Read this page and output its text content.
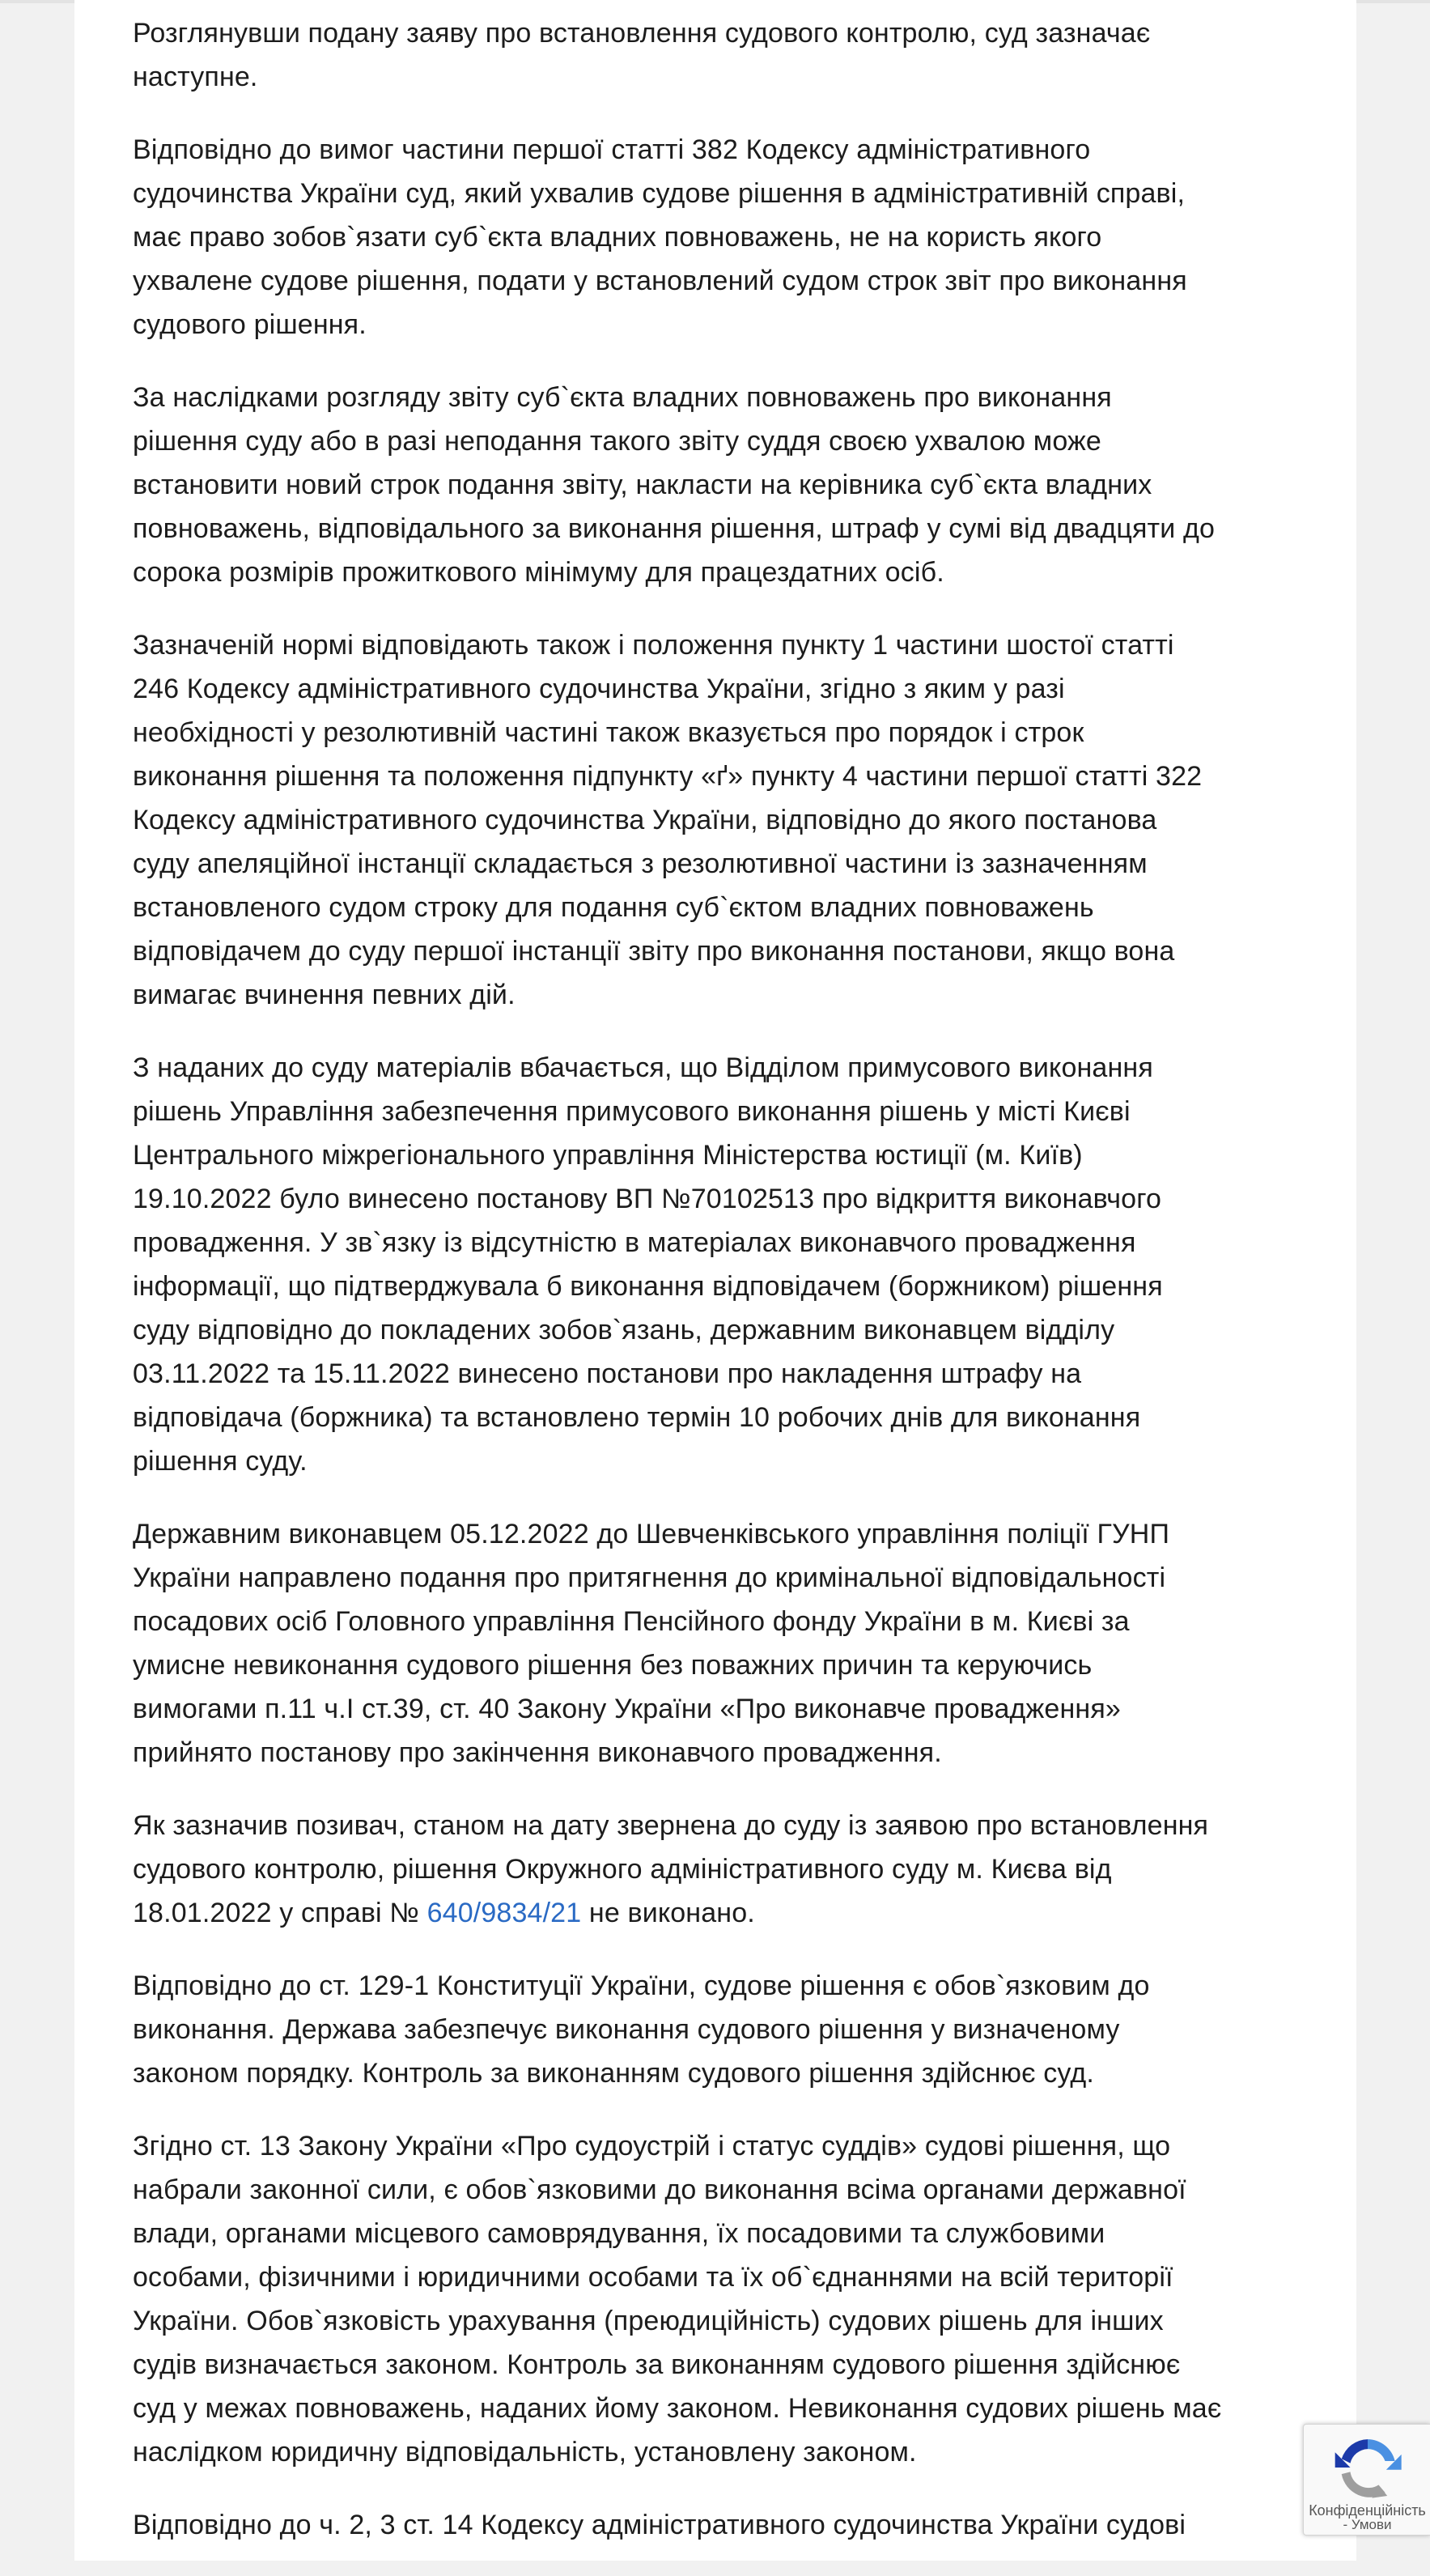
Розглянувши подану заяву про встановлення судового контролю, суд зазначає
наступне.

Відповідно до вимог частини першої статті 382 Кодексу адміністративного
судочинства України суд, який ухвалив судове рішення в адміністративній справі,
має право зобов`язати суб`єкта владних повноважень, не на користь якого
ухвалене судове рішення, подати у встановлений судом строк звіт про виконання
судового рішення.

За наслідками розгляду звіту суб`єкта владних повноважень про виконання
рішення суду або в разі неподання такого звіту суддя своєю ухвалою може
встановити новий строк подання звіту, накласти на керівника суб`єкта владних
повноважень, відповідального за виконання рішення, штраф у сумі від двадцяти до
сорока розмірів прожиткового мінімуму для працездатних осіб.

Зазначеній нормі відповідають також і положення пункту 1 частини шостої статті
246 Кодексу адміністративного судочинства України, згідно з яким у разі
необхідності у резолютивній частині також вказується про порядок і строк
виконання рішення та положення підпункту «ґ» пункту 4 частини першої статті 322
Кодексу адміністративного судочинства України, відповідно до якого постанова
суду апеляційної інстанції складається з резолютивної частини із зазначенням
встановленого судом строку для подання суб`єктом владних повноважень
відповідачем до суду першої інстанції звіту про виконання постанови, якщо вона
вимагає вчинення певних дій.

З наданих до суду матеріалів вбачається, що Відділом примусового виконання
рішень Управління забезпечення примусового виконання рішень у місті Києві
Центрального міжрегіонального управління Міністерства юстиції (м. Київ)
19.10.2022 було винесено постанову ВП №70102513 про відкриття виконавчого
провадження. У зв`язку із відсутністю в матеріалах виконавчого провадження
інформації, що підтверджувала б виконання відповідачем (боржником) рішення
суду відповідно до покладених зобов`язань, державним виконавцем відділу
03.11.2022 та 15.11.2022 винесено постанови про накладення штрафу на
відповідача (боржника) та встановлено термін 10 робочих днів для виконання
рішення суду.

Державним виконавцем 05.12.2022 до Шевченківського управління поліції ГУНП
України направлено подання про притягнення до кримінальної відповідальності
посадових осіб Головного управління Пенсійного фонду України в м. Києві за
умисне невиконання судового рішення без поважних причин та керуючись
вимогами п.11 ч.І ст.39, ст. 40 Закону України «Про виконавче провадження»
прийнято постанову про закінчення виконавчого провадження.

Як зазначив позивач, станом на дату звернена до суду із заявою про встановлення
судового контролю, рішення Окружного адміністративного суду м. Києва від
18.01.2022 у справі № 640/9834/21 не виконано.

Відповідно до ст. 129-1 Конституції України, судове рішення є обов`язковим до
виконання. Держава забезпечує виконання судового рішення у визначеному
законом порядку. Контроль за виконанням судового рішення здійснює суд.

Згідно ст. 13 Закону України «Про судоустрій і статус суддів» судові рішення, що
набрали законної сили, є обов`язковими до виконання всіма органами державної
влади, органами місцевого самоврядування, їх посадовими та службовими
особами, фізичними і юридичними особами та їх об`єднаннями на всій території
України. Обов`язковість урахування (преюдиційність) судових рішень для інших
судів визначається законом. Контроль за виконанням судового рішення здійснює
суд у межах повноважень, наданих йому законом. Невиконання судових рішень має
наслідком юридичну відповідальність, установлену законом.

Відповідно до ч. 2, 3 ст. 14 Кодексу адміністративного судочинства України судові	Конфіденційність
- Умови
